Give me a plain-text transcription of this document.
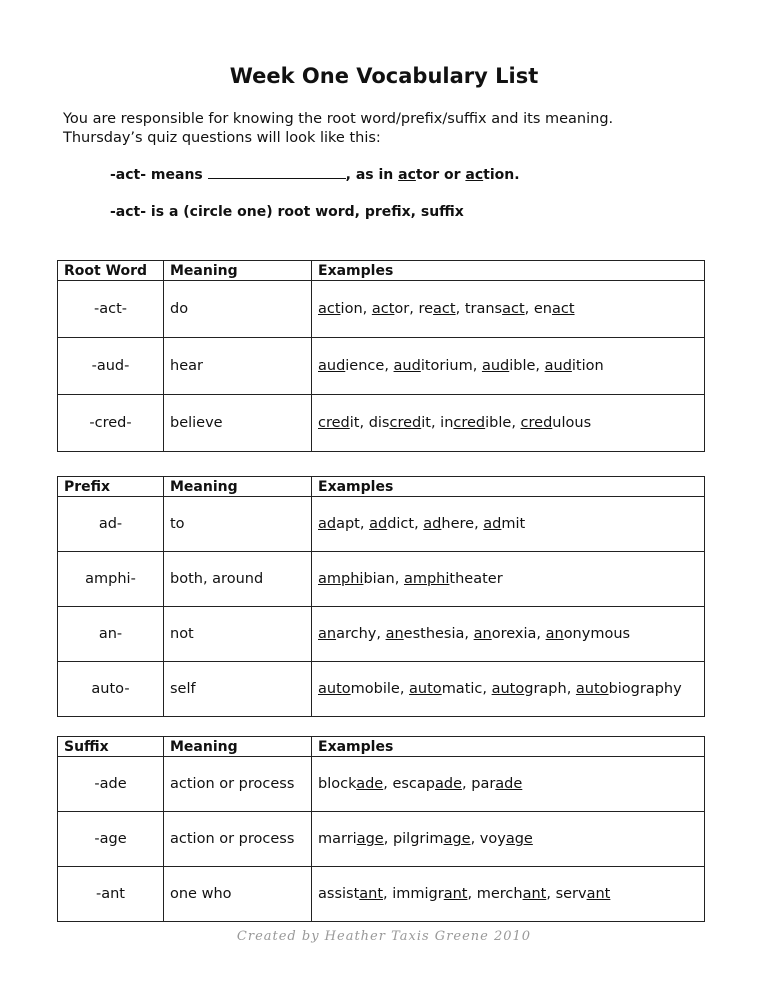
Week One Vocabulary List
You are responsible for knowing the root word/prefix/suffix and its meaning.
Thursday’s quiz questions will look like this:
-act- means	, as in actor or action.
-act- is a (circle one) root word, prefix, suffix
Root Word	Meaning	Examples
-act-	do	action, actor, react, transact, enact
-aud-	hear	audience, auditorium, audible, audition
-cred-	believe	credit, discredit, incredible, credulous
Prefix	Meaning	Examples
ad-	to	adapt, addict, adhere, admit
amphi-	both, around	amphibian, amphitheater
an-	not	anarchy, anesthesia, anorexia, anonymous
auto-	self	automobile, automatic, autograph, autobiography
Suffix	Meaning	Examples
-ade	action or process	blockade, escapade, parade
-age	action or process	marriage, pilgrimage, voyage
-ant	one who	assistant, immigrant, merchant, servant
Created by Heather Taxis Greene 2010
